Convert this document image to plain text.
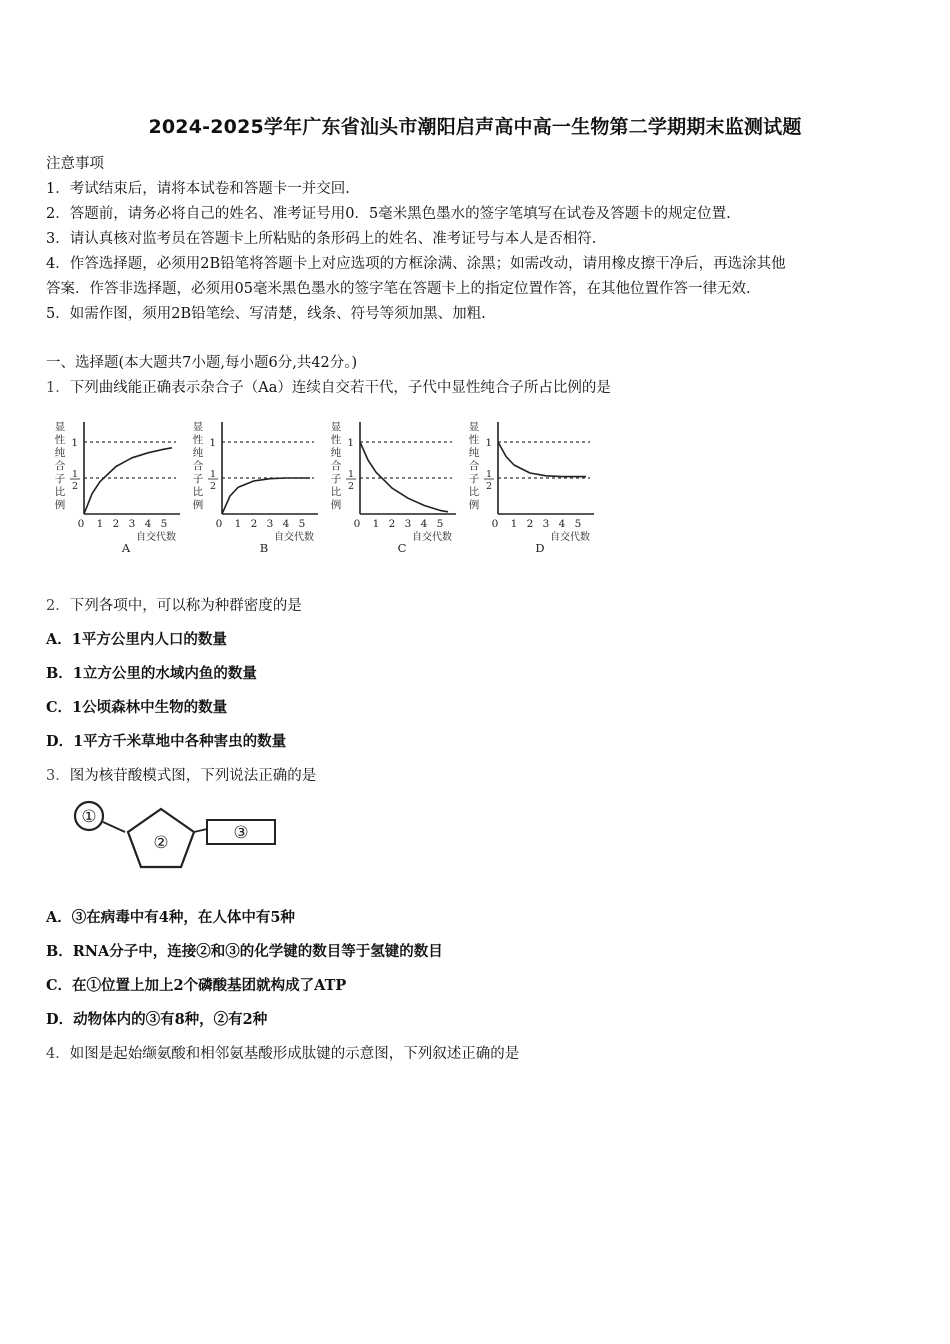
2024-2025学年广东省汕头市潮阳启声高中高一生物第二学期期末监测试题
注意事项
1．考试结束后，请将本试卷和答题卡一并交回.
2．答题前，请务必将自己的姓名、准考证号用0．5毫米黑色墨水的签字笔填写在试卷及答题卡的规定位置.
3．请认真核对监考员在答题卡上所粘贴的条形码上的姓名、准考证号与本人是否相符.
4．作答选择题，必须用2B铅笔将答题卡上对应选项的方框涂满、涂黑；如需改动，请用橡皮擦干净后，再选涂其他
答案．作答非选择题，必须用05毫米黑色墨水的签字笔在答题卡上的指定位置作答，在其他位置作答一律无效.
5．如需作图，须用2B铅笔绘、写清楚，线条、符号等须加黑、加粗.
一、选择题(本大题共7小题,每小题6分,共42分。)
1．下列曲线能正确表示杂合子（Aa）连续自交若干代，子代中显性纯合子所占比例的是
显
性
纯
合
子
比
例
1
1
2
0 1 2 3 4 5
自交代数
A
显
性
纯
合
子
比
例
1
1
2
0 1 2 3 4 5
自交代数
B
显
性
纯
合
子
比
例
1
1
2
0 1 2 3 4 5
自交代数
C
显
性
纯
合
子
比
例
1
1
2
0 1 2 3 4 5
自交代数
D
2．下列各项中，可以称为种群密度的是
A．1平方公里内人口的数量
B．1立方公里的水域内鱼的数量
C．1公顷森林中生物的数量
D．1平方千米草地中各种害虫的数量
3．图为核苷酸模式图，下列说法正确的是
①
②	③
A．③在病毒中有4种，在人体中有5种
B．RNA分子中，连接②和③的化学键的数目等于氢键的数目
C．在①位置上加上2个磷酸基团就构成了ATP
D．动物体内的③有8种，②有2种
4．如图是起始缬氨酸和相邻氨基酸形成肽键的示意图，下列叙述正确的是
